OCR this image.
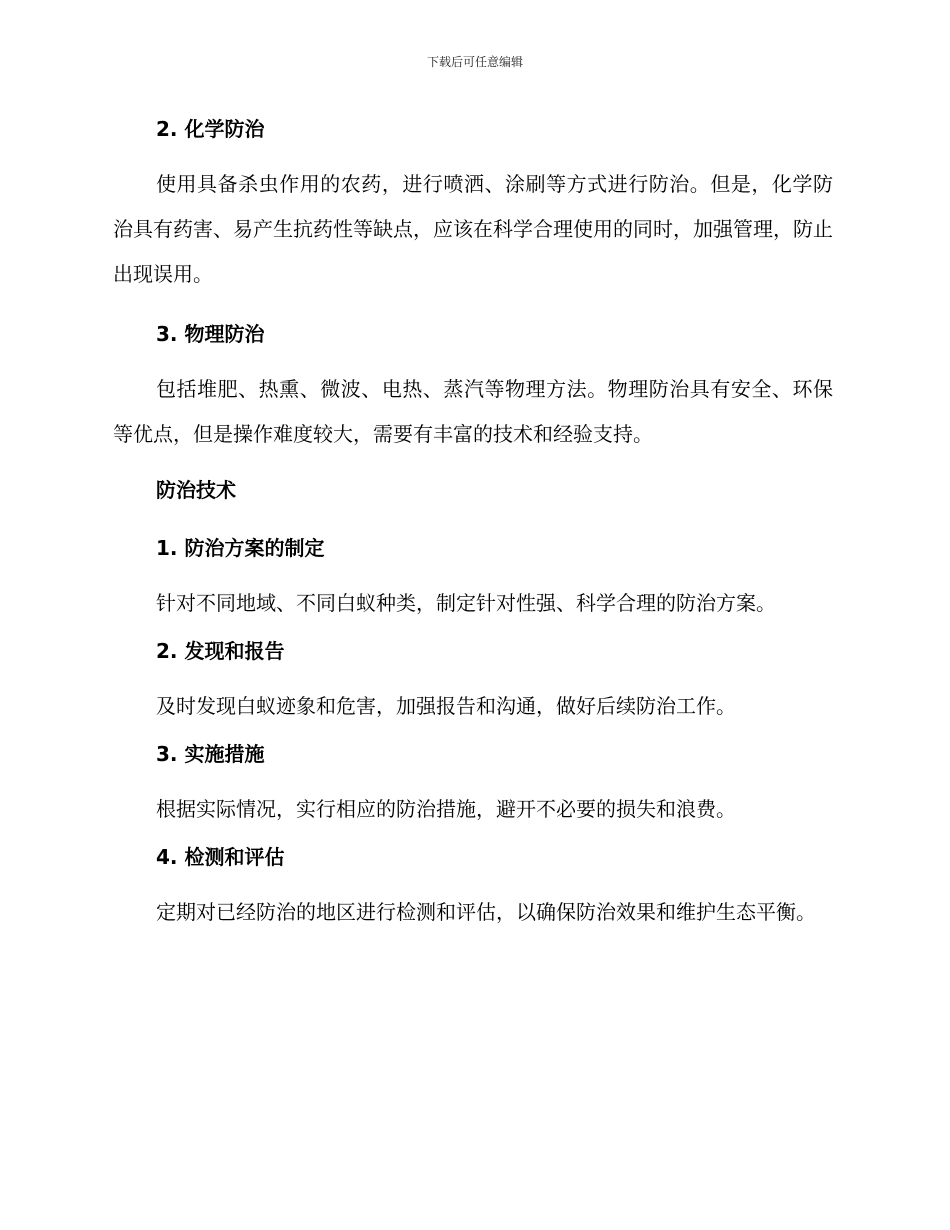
下载后可任意编辑
2. 化学防治

使用具备杀虫作用的农药，进行喷洒、涂刷等方式进行防治。但是，化学防治具有药害、易产生抗药性等缺点，应该在科学合理使用的同时，加强管理，防止出现误用。

3. 物理防治

包括堆肥、热熏、微波、电热、蒸汽等物理方法。物理防治具有安全、环保等优点，但是操作难度较大，需要有丰富的技术和经验支持。

防治技术
1. 防治方案的制定

针对不同地域、不同白蚁种类，制定针对性强、科学合理的防治方案。

2. 发现和报告

及时发现白蚁迹象和危害，加强报告和沟通，做好后续防治工作。

3. 实施措施

根据实际情况，实行相应的防治措施，避开不必要的损失和浪费。

4. 检测和评估

定期对已经防治的地区进行检测和评估，以确保防治效果和维护生态平衡。
